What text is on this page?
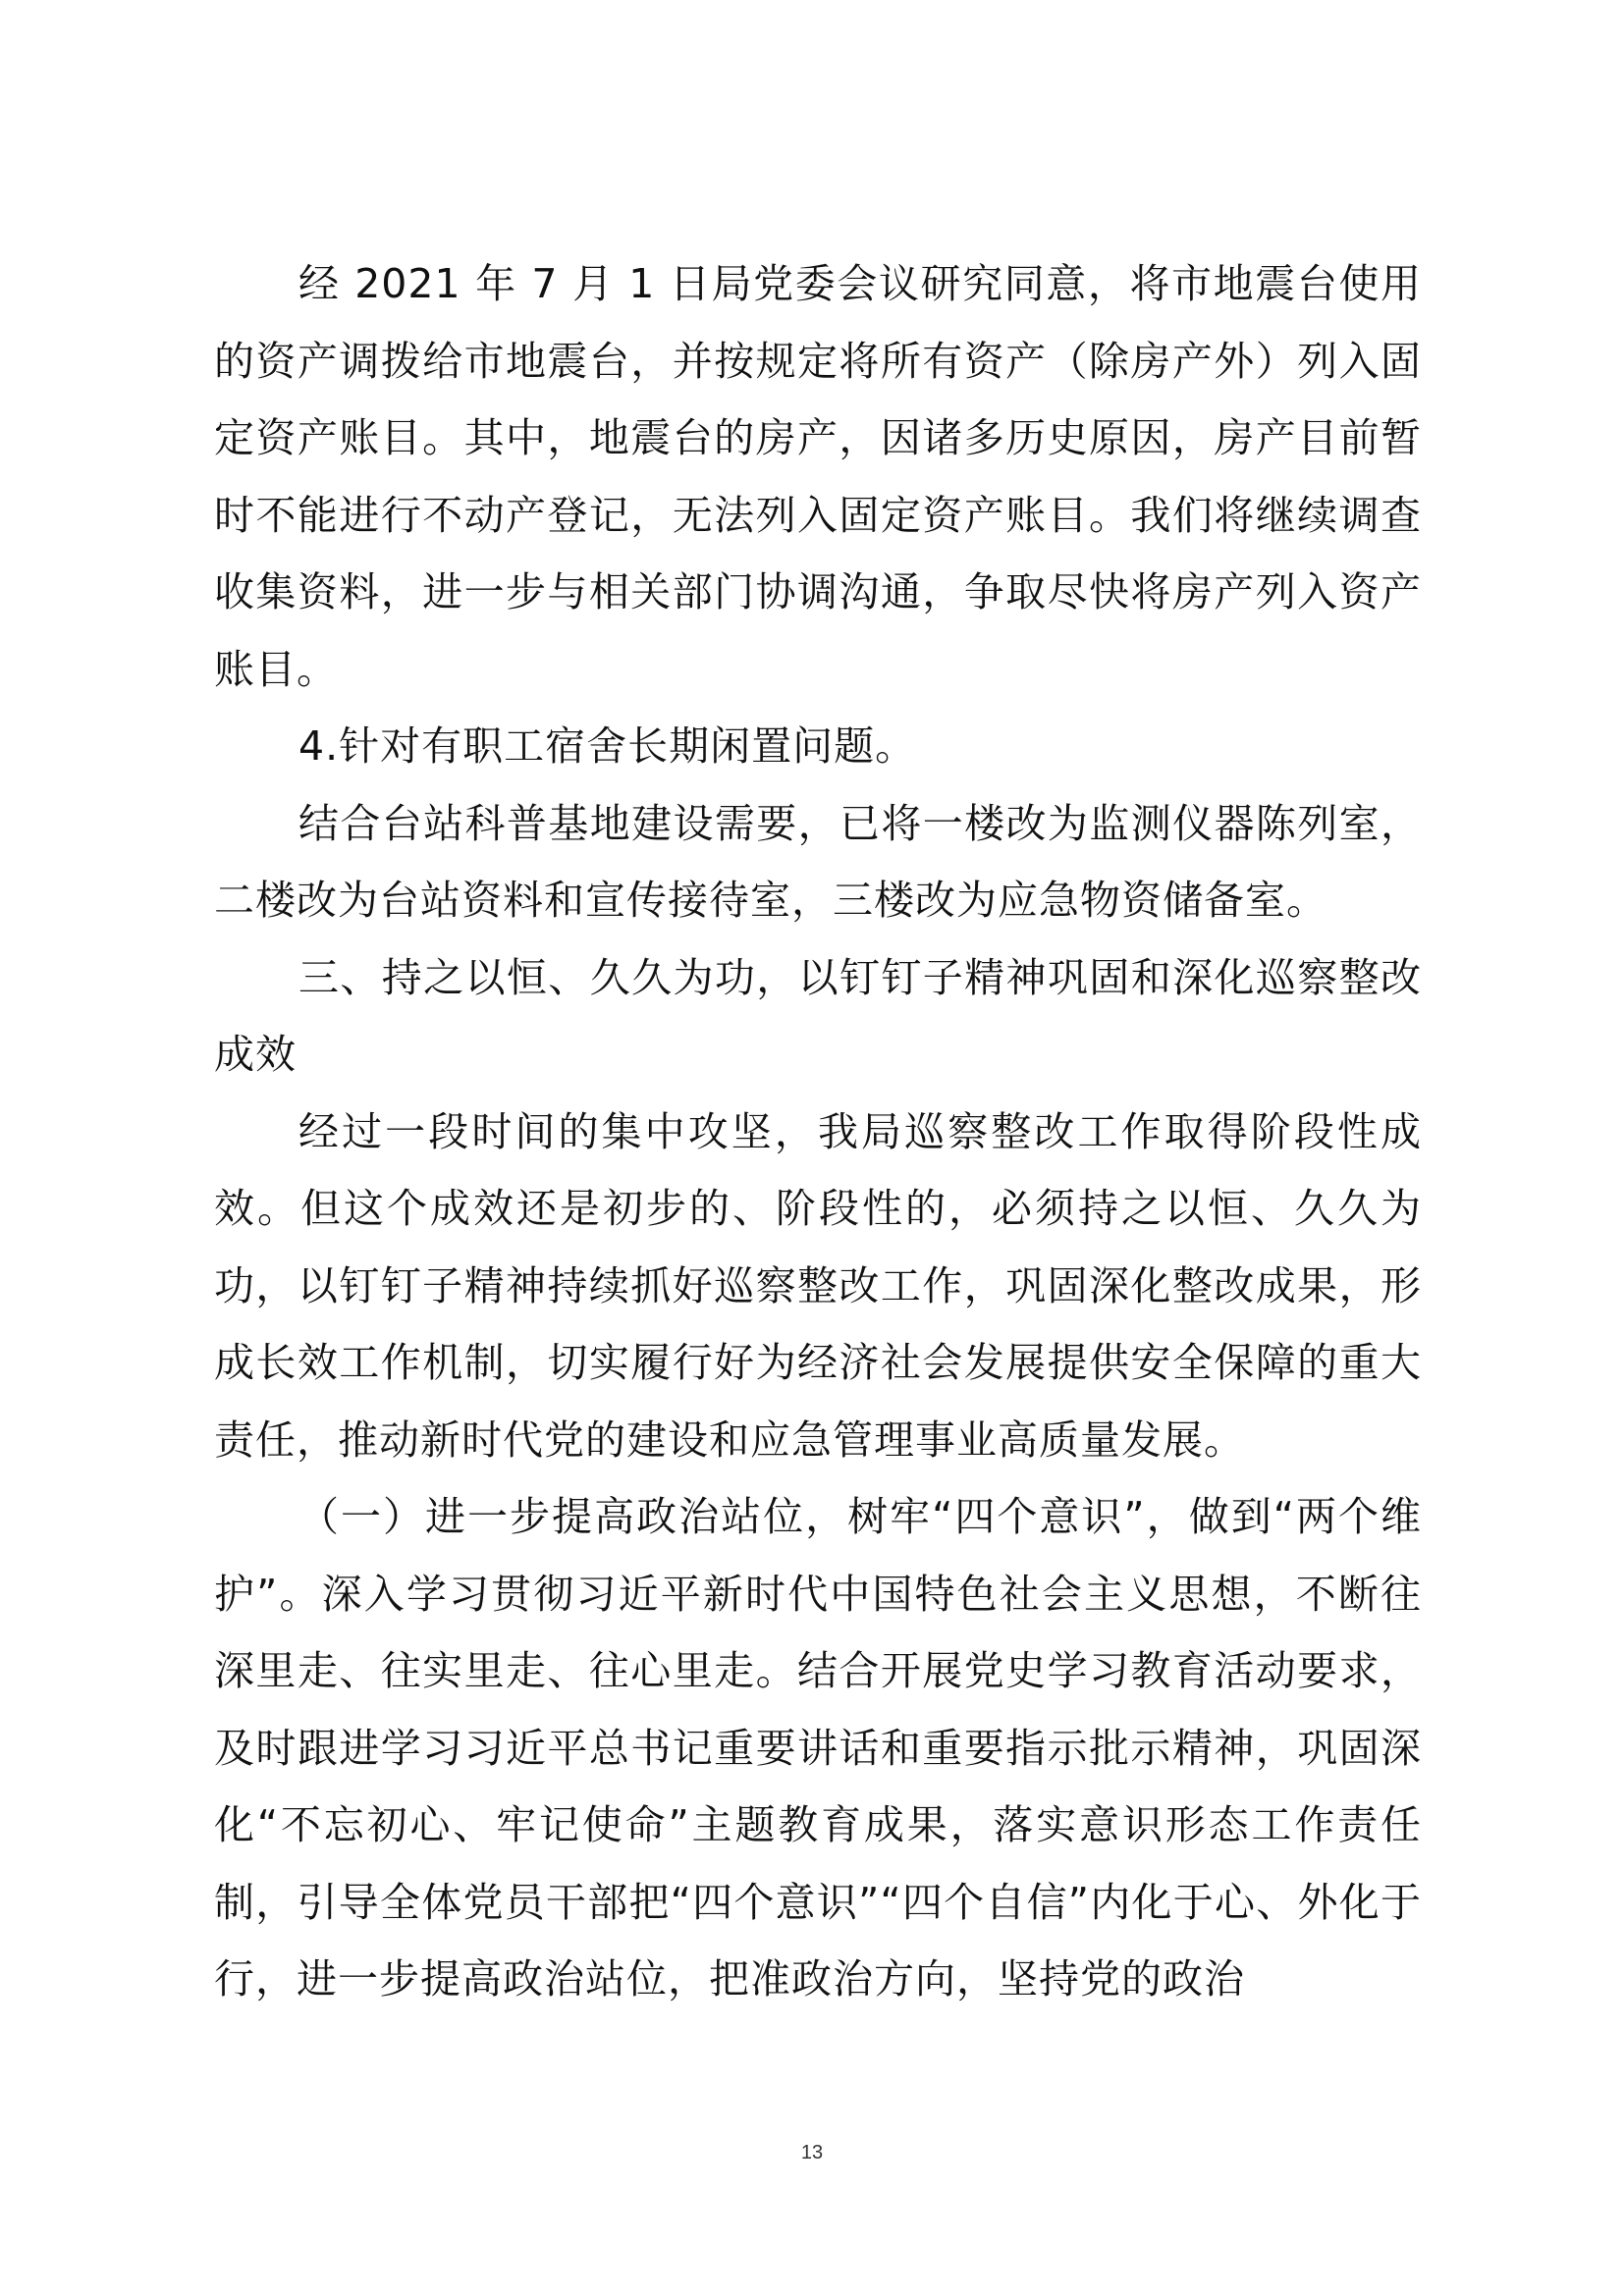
经 2021 年 7 月 1 日局党委会议研究同意，将市地震台使用的资产调拨给市地震台，并按规定将所有资产（除房产外）列入固定资产账目。其中，地震台的房产，因诸多历史原因，房产目前暂时不能进行不动产登记，无法列入固定资产账目。我们将继续调查收集资料，进一步与相关部门协调沟通，争取尽快将房产列入资产账目。

4.针对有职工宿舍长期闲置问题。

结合台站科普基地建设需要，已将一楼改为监测仪器陈列室，二楼改为台站资料和宣传接待室，三楼改为应急物资储备室。

三、持之以恒、久久为功，以钉钉子精神巩固和深化巡察整改成效

经过一段时间的集中攻坚，我局巡察整改工作取得阶段性成效。但这个成效还是初步的、阶段性的，必须持之以恒、久久为功，以钉钉子精神持续抓好巡察整改工作，巩固深化整改成果，形成长效工作机制，切实履行好为经济社会发展提供安全保障的重大责任，推动新时代党的建设和应急管理事业高质量发展。

（一）进一步提高政治站位，树牢“四个意识”，做到“两个维护”。深入学习贯彻习近平新时代中国特色社会主义思想，不断往深里走、往实里走、往心里走。结合开展党史学习教育活动要求，及时跟进学习习近平总书记重要讲话和重要指示批示精神，巩固深化“不忘初心、牢记使命”主题教育成果，落实意识形态工作责任制，引导全体党员干部把“四个意识”“四个自信”内化于心、外化于行，进一步提高政治站位，把准政治方向，坚持党的政治

13
